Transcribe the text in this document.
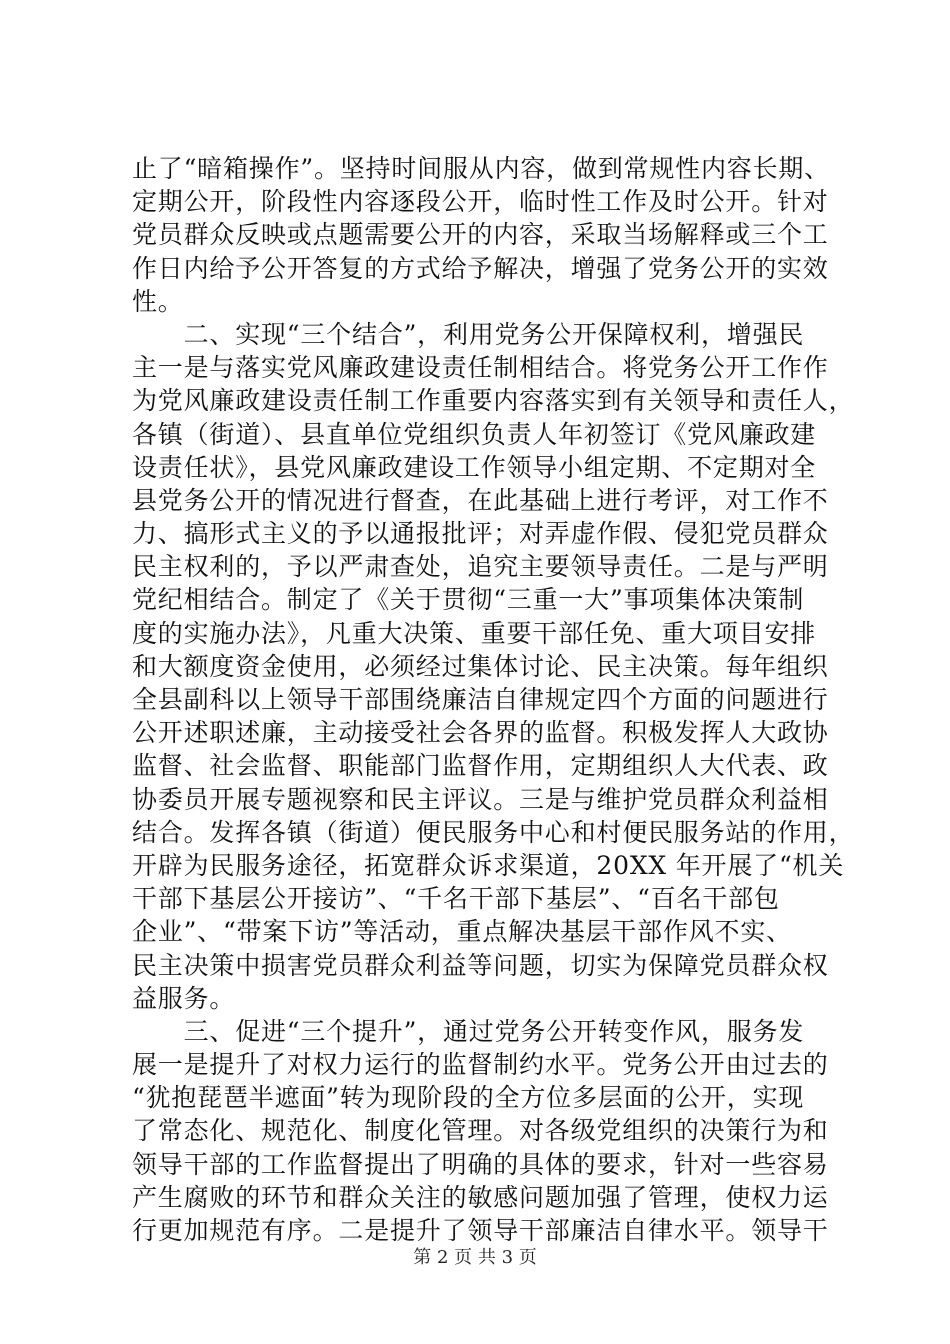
止了“暗箱操作”。坚持时间服从内容，做到常规性内容长期、
定期公开，阶段性内容逐段公开，临时性工作及时公开。针对
党员群众反映或点题需要公开的内容，采取当场解释或三个工
作日内给予公开答复的方式给予解决，增强了党务公开的实效
性。
　　二、实现“三个结合”，利用党务公开保障权利，增强民
主一是与落实党风廉政建设责任制相结合。将党务公开工作作
为党风廉政建设责任制工作重要内容落实到有关领导和责任人，
各镇（街道）、县直单位党组织负责人年初签订《党风廉政建
设责任状》，县党风廉政建设工作领导小组定期、不定期对全
县党务公开的情况进行督查，在此基础上进行考评，对工作不
力、搞形式主义的予以通报批评；对弄虚作假、侵犯党员群众
民主权利的，予以严肃查处，追究主要领导责任。二是与严明
党纪相结合。制定了《关于贯彻“三重一大”事项集体决策制
度的实施办法》，凡重大决策、重要干部任免、重大项目安排
和大额度资金使用，必须经过集体讨论、民主决策。每年组织
全县副科以上领导干部围绕廉洁自律规定四个方面的问题进行
公开述职述廉，主动接受社会各界的监督。积极发挥人大政协
监督、社会监督、职能部门监督作用，定期组织人大代表、政
协委员开展专题视察和民主评议。三是与维护党员群众利益相
结合。发挥各镇（街道）便民服务中心和村便民服务站的作用，
开辟为民服务途径，拓宽群众诉求渠道，20XX 年开展了“机关
干部下基层公开接访”、“千名干部下基层”、“百名干部包
企业”、“带案下访”等活动，重点解决基层干部作风不实、
民主决策中损害党员群众利益等问题，切实为保障党员群众权
益服务。
　　三、促进“三个提升”，通过党务公开转变作风，服务发
展一是提升了对权力运行的监督制约水平。党务公开由过去的
“犹抱琵琶半遮面”转为现阶段的全方位多层面的公开，实现
了常态化、规范化、制度化管理。对各级党组织的决策行为和
领导干部的工作监督提出了明确的具体的要求，针对一些容易
产生腐败的环节和群众关注的敏感问题加强了管理，使权力运
行更加规范有序。二是提升了领导干部廉洁自律水平。领导干
第 2 页 共 3 页
